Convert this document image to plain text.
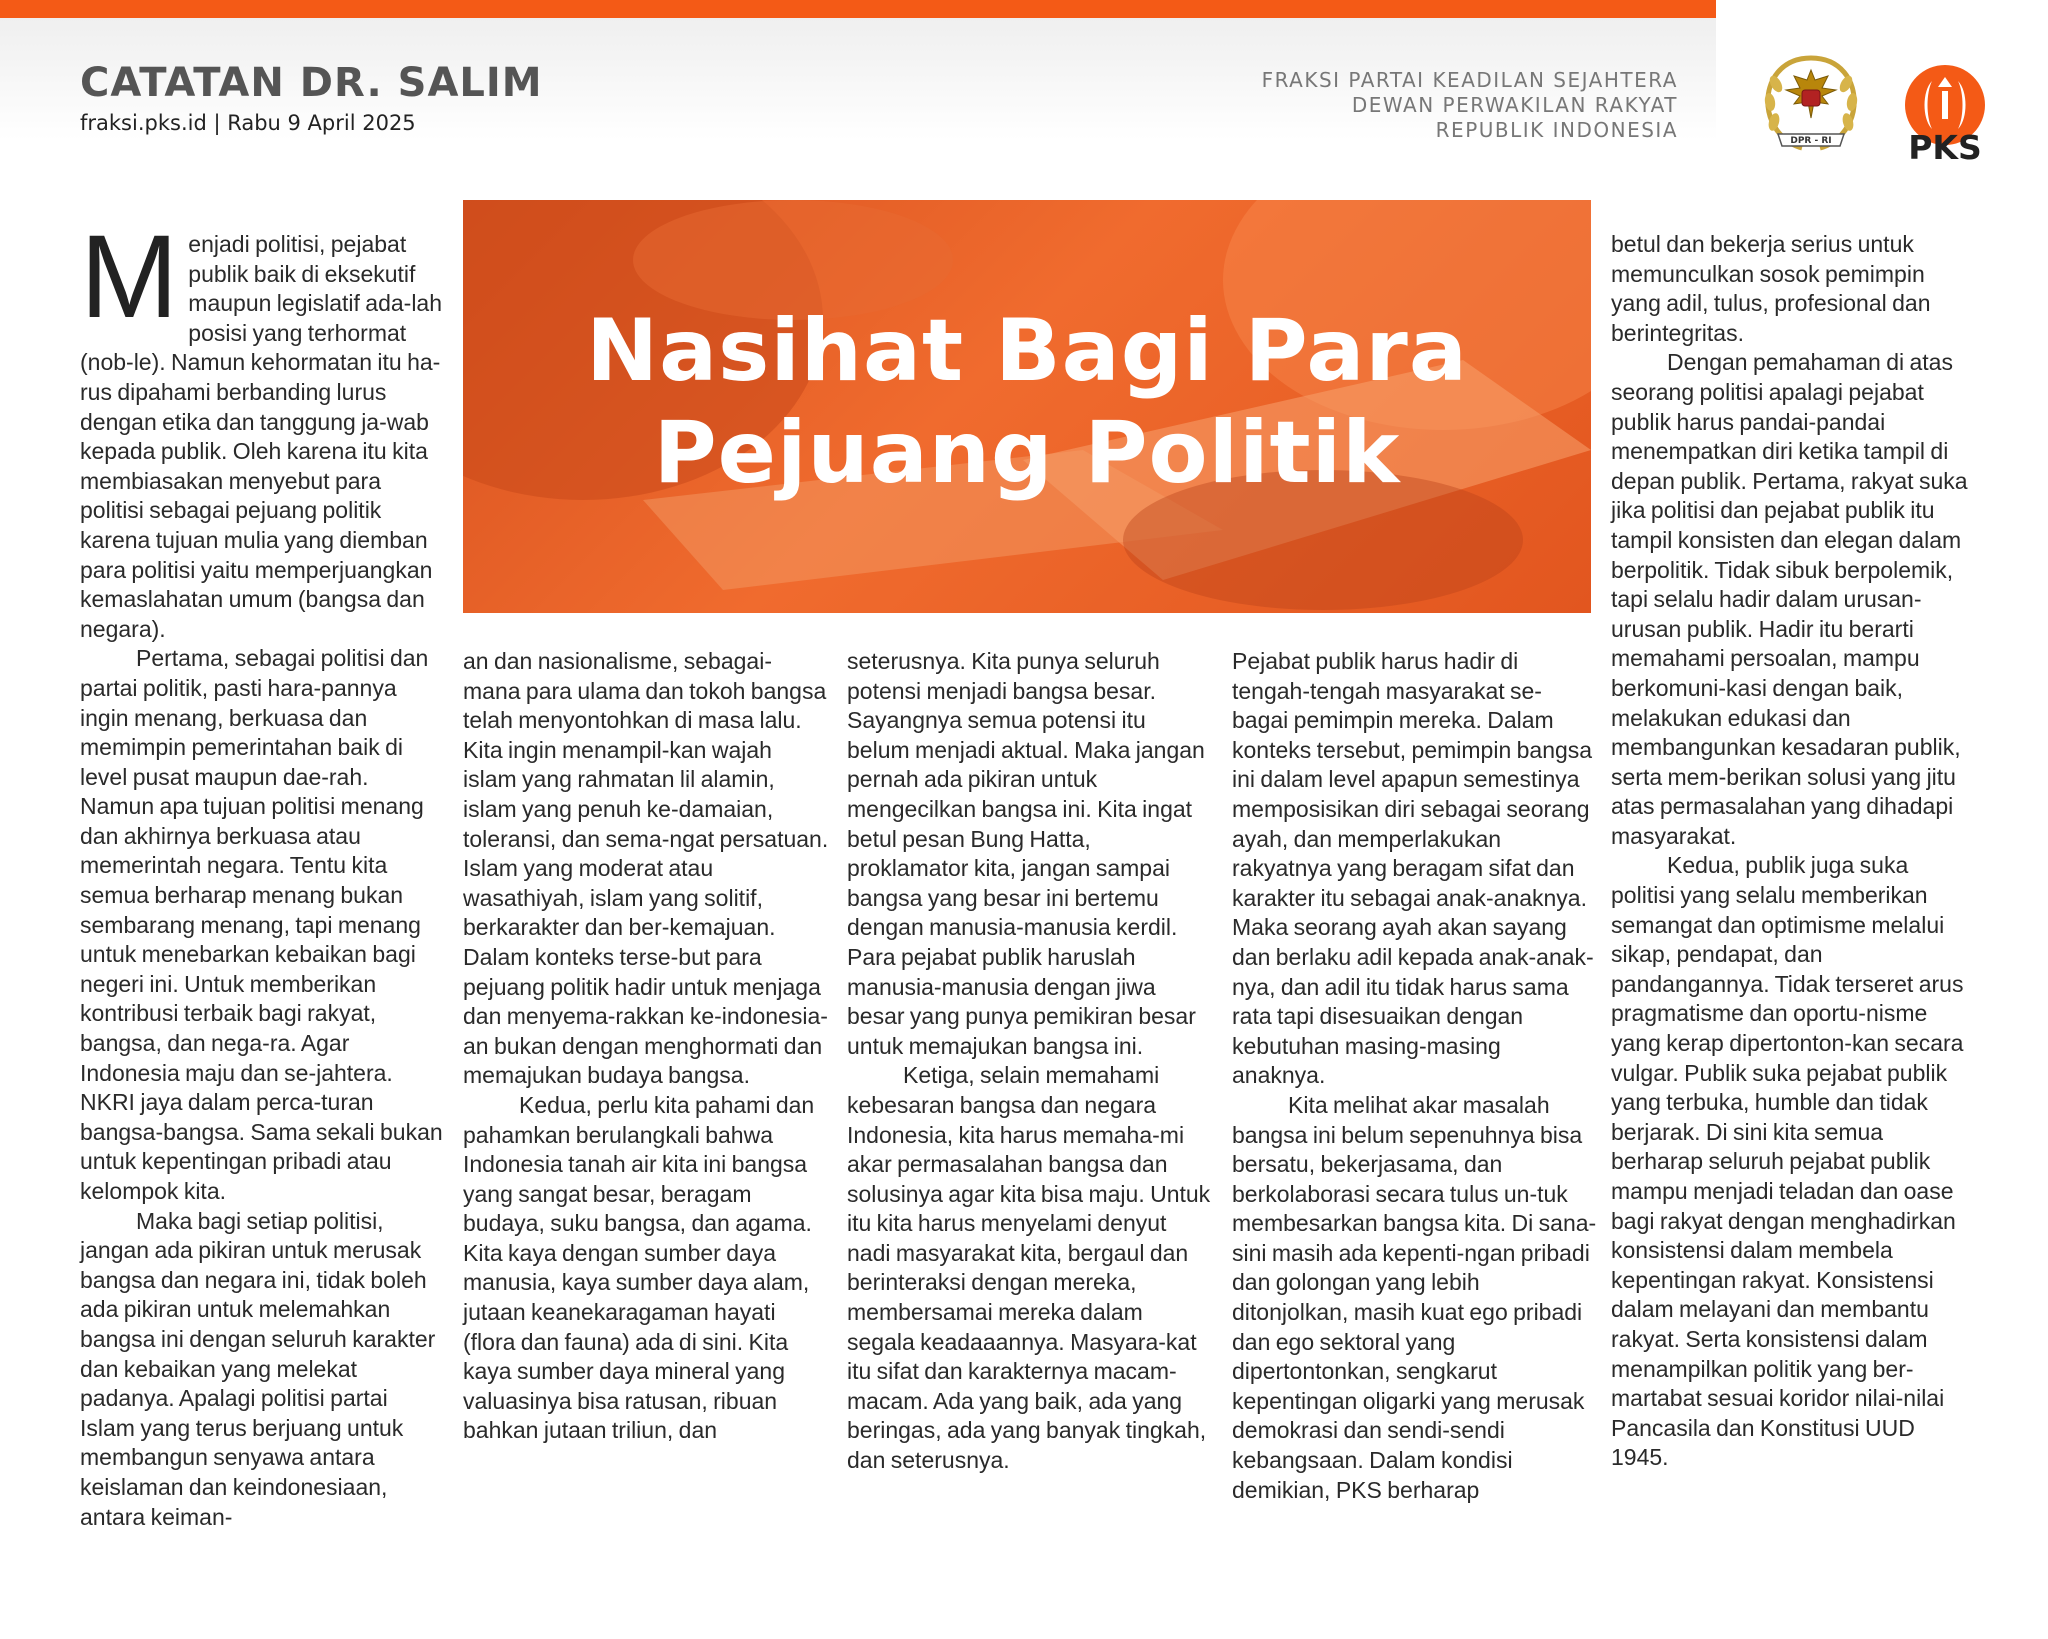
CATATAN DR. SALIM
fraksi.pks.id | Rabu 9 April 2025
FRAKSI PARTAI KEADILAN SEJAHTERA
DEWAN PERWAKILAN RAKYAT
REPUBLIK INDONESIA	DPR - RI PKS
Nasihat Bagi Para
Pejuang Politik

Menjadi politisi, pejabat publik baik di eksekutif maupun legislatif ada-lah posisi yang terhormat (nob-le). Namun kehormatan itu ha-rus dipahami berbanding lurus dengan etika dan tanggung ja-wab kepada publik. Oleh karena itu kita membiasakan menyebut para politisi sebagai pejuang politik karena tujuan mulia yang diemban para politisi yaitu memperjuangkan kemaslahatan umum (bangsa dan negara).

Pertama, sebagai politisi dan partai politik, pasti hara-pannya ingin menang, berkuasa dan memimpin pemerintahan baik di level pusat maupun dae-rah. Namun apa tujuan politisi menang dan akhirnya berkuasa atau memerintah negara. Tentu kita semua berharap menang bukan sembarang menang, tapi menang untuk menebarkan kebaikan bagi negeri ini. Untuk memberikan kontribusi terbaik bagi rakyat, bangsa, dan nega-ra. Agar Indonesia maju dan se-jahtera. NKRI jaya dalam perca-turan bangsa-bangsa. Sama sekali bukan untuk kepentingan pribadi atau kelompok kita.

Maka bagi setiap politisi, jangan ada pikiran untuk merusak bangsa dan negara ini, tidak boleh ada pikiran untuk melemahkan bangsa ini dengan seluruh karakter dan kebaikan yang melekat padanya. Apalagi politisi partai Islam yang terus berjuang untuk membangun senyawa antara keislaman dan keindonesiaan, antara keiman-

an dan nasionalisme, sebagai-mana para ulama dan tokoh bangsa telah menyontohkan di masa lalu. Kita ingin menampil-kan wajah islam yang rahmatan lil alamin, islam yang penuh ke-damaian, toleransi, dan sema-ngat persatuan. Islam yang moderat atau wasathiyah, islam yang solitif, berkarakter dan ber-kemajuan. Dalam konteks terse-but para pejuang politik hadir untuk menjaga dan menyema-rakkan ke-indonesia-an bukan dengan menghormati dan memajukan budaya bangsa.

Kedua, perlu kita pahami dan pahamkan berulangkali bahwa Indonesia tanah air kita ini bangsa yang sangat besar, beragam budaya, suku bangsa, dan agama. Kita kaya dengan sumber daya manusia, kaya sumber daya alam, jutaan keanekaragaman hayati (flora dan fauna) ada di sini. Kita kaya sumber daya mineral yang valuasinya bisa ratusan, ribuan bahkan jutaan triliun, dan

seterusnya. Kita punya seluruh potensi menjadi bangsa besar. Sayangnya semua potensi itu belum menjadi aktual. Maka jangan pernah ada pikiran untuk mengecilkan bangsa ini. Kita ingat betul pesan Bung Hatta, proklamator kita, jangan sampai bangsa yang besar ini bertemu dengan manusia-manusia kerdil. Para pejabat publik haruslah manusia-manusia dengan jiwa besar yang punya pemikiran besar untuk memajukan bangsa ini.

Ketiga, selain memahami kebesaran bangsa dan negara Indonesia, kita harus memaha-mi akar permasalahan bangsa dan solusinya agar kita bisa maju. Untuk itu kita harus menyelami denyut nadi masyarakat kita, bergaul dan berinteraksi dengan mereka, membersamai mereka dalam segala keadaaannya. Masyara-kat itu sifat dan karakternya macam-macam. Ada yang baik, ada yang beringas, ada yang banyak tingkah, dan seterusnya.

Pejabat publik harus hadir di tengah-tengah masyarakat se-bagai pemimpin mereka. Dalam konteks tersebut, pemimpin bangsa ini dalam level apapun semestinya memposisikan diri sebagai seorang ayah, dan memperlakukan rakyatnya yang beragam sifat dan karakter itu sebagai anak-anaknya. Maka seorang ayah akan sayang dan berlaku adil kepada anak-anak-nya, dan adil itu tidak harus sama rata tapi disesuaikan dengan kebutuhan masing-masing anaknya.

Kita melihat akar masalah bangsa ini belum sepenuhnya bisa bersatu, bekerjasama, dan berkolaborasi secara tulus un-tuk membesarkan bangsa kita. Di sana-sini masih ada kepenti-ngan pribadi dan golongan yang lebih ditonjolkan, masih kuat ego pribadi dan ego sektoral yang dipertontonkan, sengkarut kepentingan oligarki yang merusak demokrasi dan sendi-sendi kebangsaan. Dalam kondisi demikian, PKS berharap

betul dan bekerja serius untuk memunculkan sosok pemimpin yang adil, tulus, profesional dan berintegritas.

Dengan pemahaman di atas seorang politisi apalagi pejabat publik harus pandai-pandai menempatkan diri ketika tampil di depan publik. Pertama, rakyat suka jika politisi dan pejabat publik itu tampil konsisten dan elegan dalam berpolitik. Tidak sibuk berpolemik, tapi selalu hadir dalam urusan-urusan publik. Hadir itu berarti memahami persoalan, mampu berkomuni-kasi dengan baik, melakukan edukasi dan membangunkan kesadaran publik, serta mem-berikan solusi yang jitu atas permasalahan yang dihadapi masyarakat.

Kedua, publik juga suka politisi yang selalu memberikan semangat dan optimisme melalui sikap, pendapat, dan pandangannya. Tidak terseret arus pragmatisme dan oportu-nisme yang kerap dipertonton-kan secara vulgar. Publik suka pejabat publik yang terbuka, humble dan tidak berjarak. Di sini kita semua berharap seluruh pejabat publik mampu menjadi teladan dan oase bagi rakyat dengan menghadirkan konsistensi dalam membela kepentingan rakyat. Konsistensi dalam melayani dan membantu rakyat. Serta konsistensi dalam menampilkan politik yang ber-martabat sesuai koridor nilai-nilai Pancasila dan Konstitusi UUD 1945.
